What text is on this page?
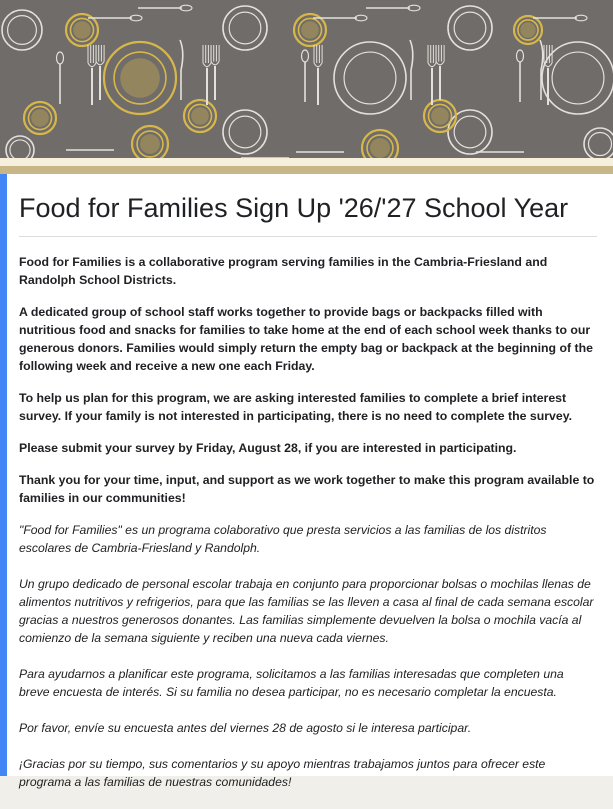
Food for Families Sign Up '26/'27 School Year

Food for Families is a collaborative program serving families in the Cambria-Friesland and Randolph School Districts.

A dedicated group of school staff works together to provide bags or backpacks filled with nutritious food and snacks for families to take home at the end of each school week thanks to our generous donors. Families would simply return the empty bag or backpack at the beginning of the following week and receive a new one each Friday.

To help us plan for this program, we are asking interested families to complete a brief interest survey. If your family is not interested in participating, there is no need to complete the survey.

Please submit your survey by Friday, August 28, if you are interested in participating.

Thank you for your time, input, and support as we work together to make this program available to families in our communities!

"Food for Families" es un programa colaborativo que presta servicios a las familias de los distritos escolares de Cambria-Friesland y Randolph.

Un grupo dedicado de personal escolar trabaja en conjunto para proporcionar bolsas o mochilas llenas de alimentos nutritivos y refrigerios, para que las familias se las lleven a casa al final de cada semana escolar gracias a nuestros generosos donantes. Las familias simplemente devuelven la bolsa o mochila vacía al comienzo de la semana siguiente y reciben una nueva cada viernes.

Para ayudarnos a planificar este programa, solicitamos a las familias interesadas que completen una breve encuesta de interés. Si su familia no desea participar, no es necesario completar la encuesta.

Por favor, envíe su encuesta antes del viernes 28 de agosto si le interesa participar.

¡Gracias por su tiempo, sus comentarios y su apoyo mientras trabajamos juntos para ofrecer este programa a las familias de nuestras comunidades!
